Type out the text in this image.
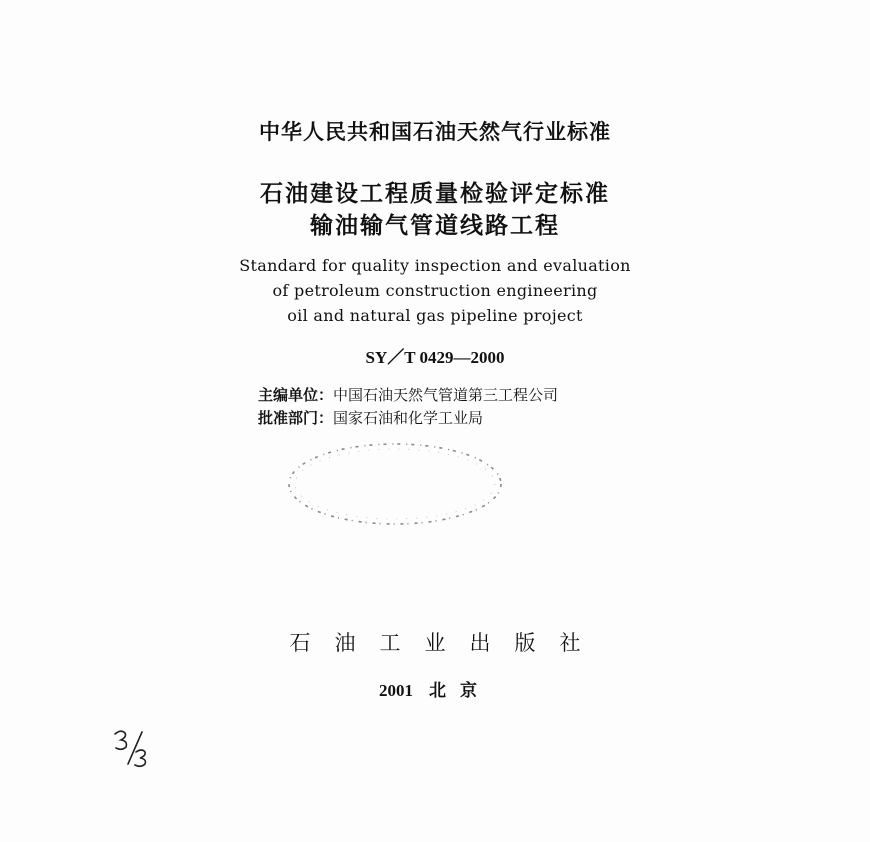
中华人民共和国石油天然气行业标准
石油建设工程质量检验评定标准
输油输气管道线路工程
Standard for quality inspection and evaluation
of petroleum construction engineering
oil and natural gas pipeline project
SY／T 0429—2000
主编单位：中国石油天然气管道第三工程公司
批准部门：国家石油和化学工业局
石油工业出版社
2001 北京
